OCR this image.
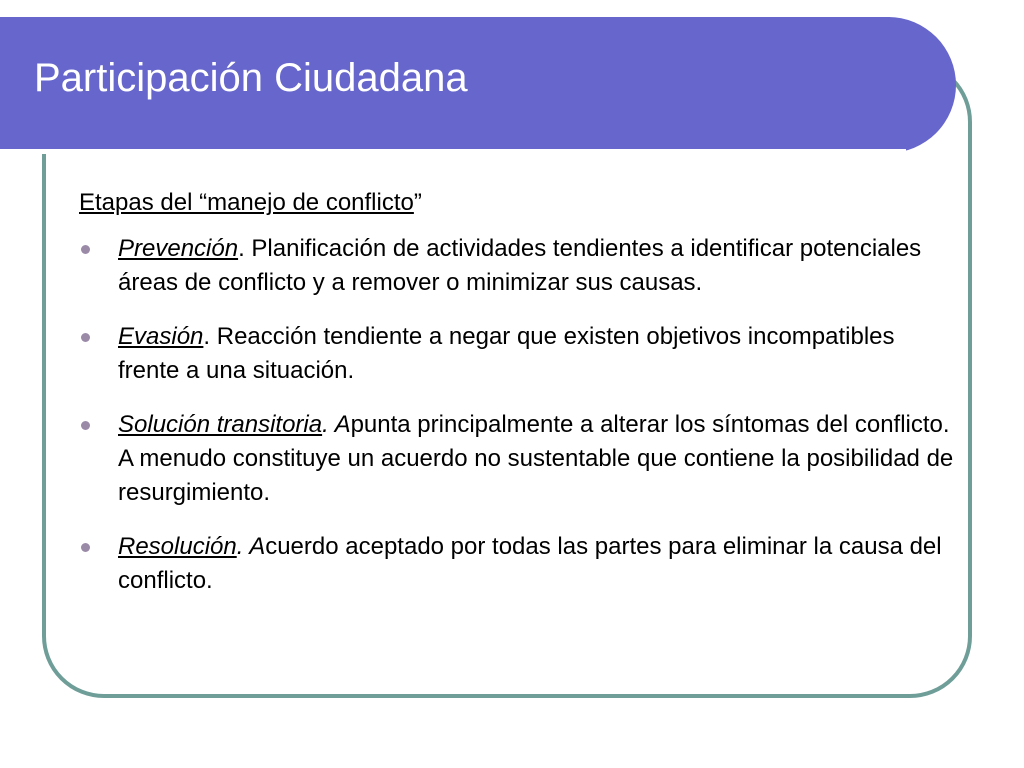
Participación Ciudadana

Etapas del “manejo de conflicto”

Prevención. Planificación de actividades tendientes a identificar potenciales áreas de conflicto y a remover o minimizar sus causas.
Evasión. Reacción tendiente a negar que existen objetivos incompatibles frente a una situación.
Solución transitoria. Apunta principalmente a alterar los síntomas del conflicto. A menudo constituye un acuerdo no sustentable que contiene la posibilidad de resurgimiento.
Resolución. Acuerdo aceptado por todas las partes para eliminar la causa del conflicto.
